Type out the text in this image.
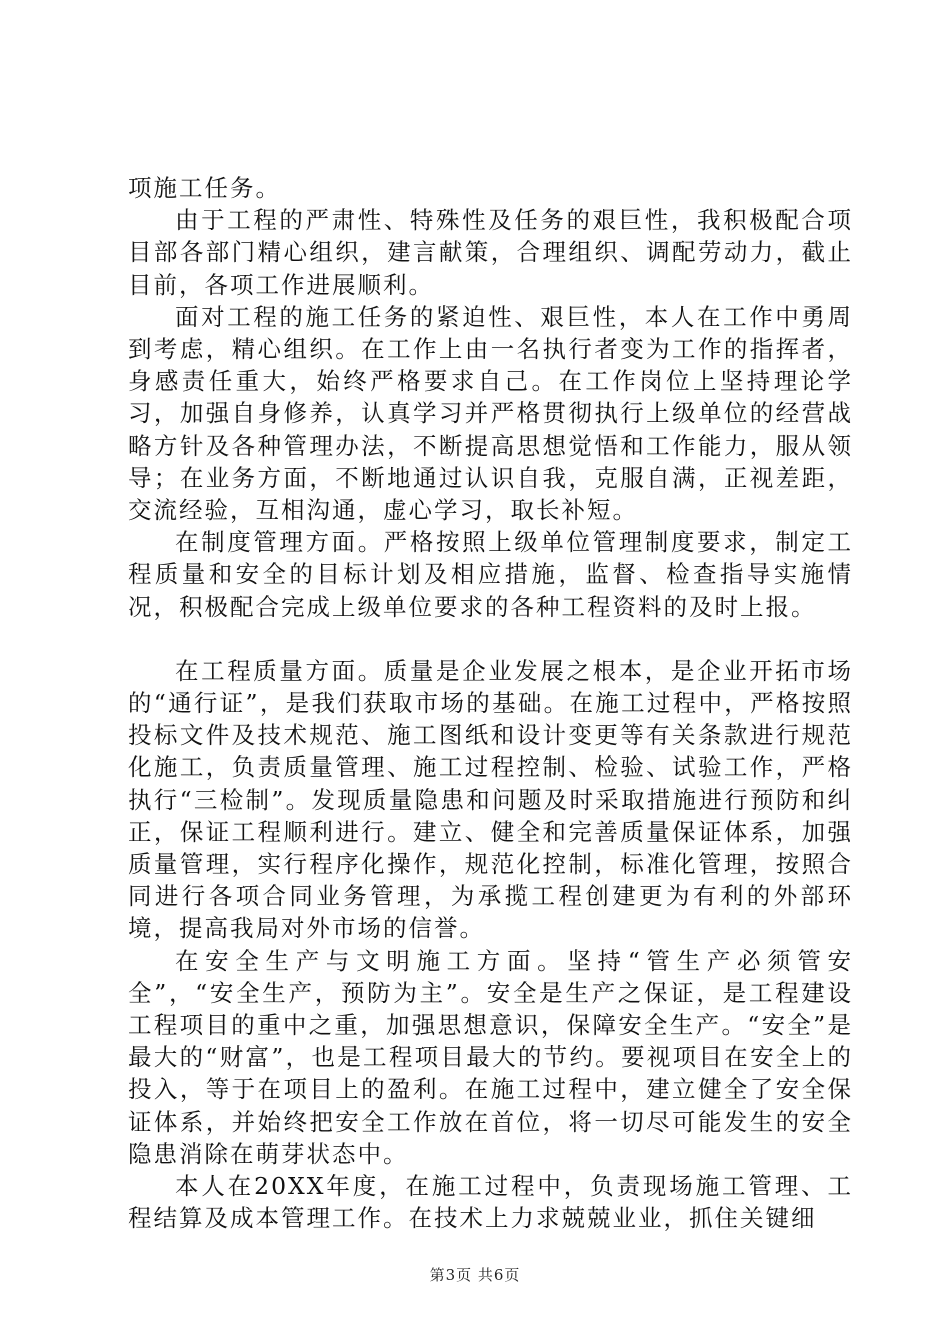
项施工任务。

由于工程的严肃性、特殊性及任务的艰巨性，我积极配合项目部各部门精心组织，建言献策，合理组织、调配劳动力，截止目前，各项工作进展顺利。

面对工程的施工任务的紧迫性、艰巨性，本人在工作中勇周到考虑，精心组织。在工作上由一名执行者变为工作的指挥者，身感责任重大，始终严格要求自己。在工作岗位上坚持理论学习，加强自身修养，认真学习并严格贯彻执行上级单位的经营战略方针及各种管理办法，不断提高思想觉悟和工作能力，服从领导；在业务方面，不断地通过认识自我，克服自满，正视差距，交流经验，互相沟通，虚心学习，取长补短。

在制度管理方面。严格按照上级单位管理制度要求，制定工程质量和安全的目标计划及相应措施，监督、检查指导实施情况，积极配合完成上级单位要求的各种工程资料的及时上报。

在工程质量方面。质量是企业发展之根本，是企业开拓市场的“通行证”，是我们获取市场的基础。在施工过程中，严格按照投标文件及技术规范、施工图纸和设计变更等有关条款进行规范化施工，负责质量管理、施工过程控制、检验、试验工作，严格执行“三检制”。发现质量隐患和问题及时采取措施进行预防和纠正，保证工程顺利进行。建立、健全和完善质量保证体系，加强质量管理，实行程序化操作，规范化控制，标准化管理，按照合同进行各项合同业务管理，为承揽工程创建更为有利的外部环境，提高我局对外市场的信誉。

在安全生产与文明施工方面。坚持“管生产必须管安全”，“安全生产，预防为主”。安全是生产之保证，是工程建设工程项目的重中之重，加强思想意识，保障安全生产。“安全”是最大的“财富”，也是工程项目最大的节约。要视项目在安全上的投入，等于在项目上的盈利。在施工过程中，建立健全了安全保证体系，并始终把安全工作放在首位，将一切尽可能发生的安全隐患消除在萌芽状态中。

本人在20XX年度，在施工过程中，负责现场施工管理、工程结算及成本管理工作。在技术上力求兢兢业业，抓住关键细

第3页 共6页
